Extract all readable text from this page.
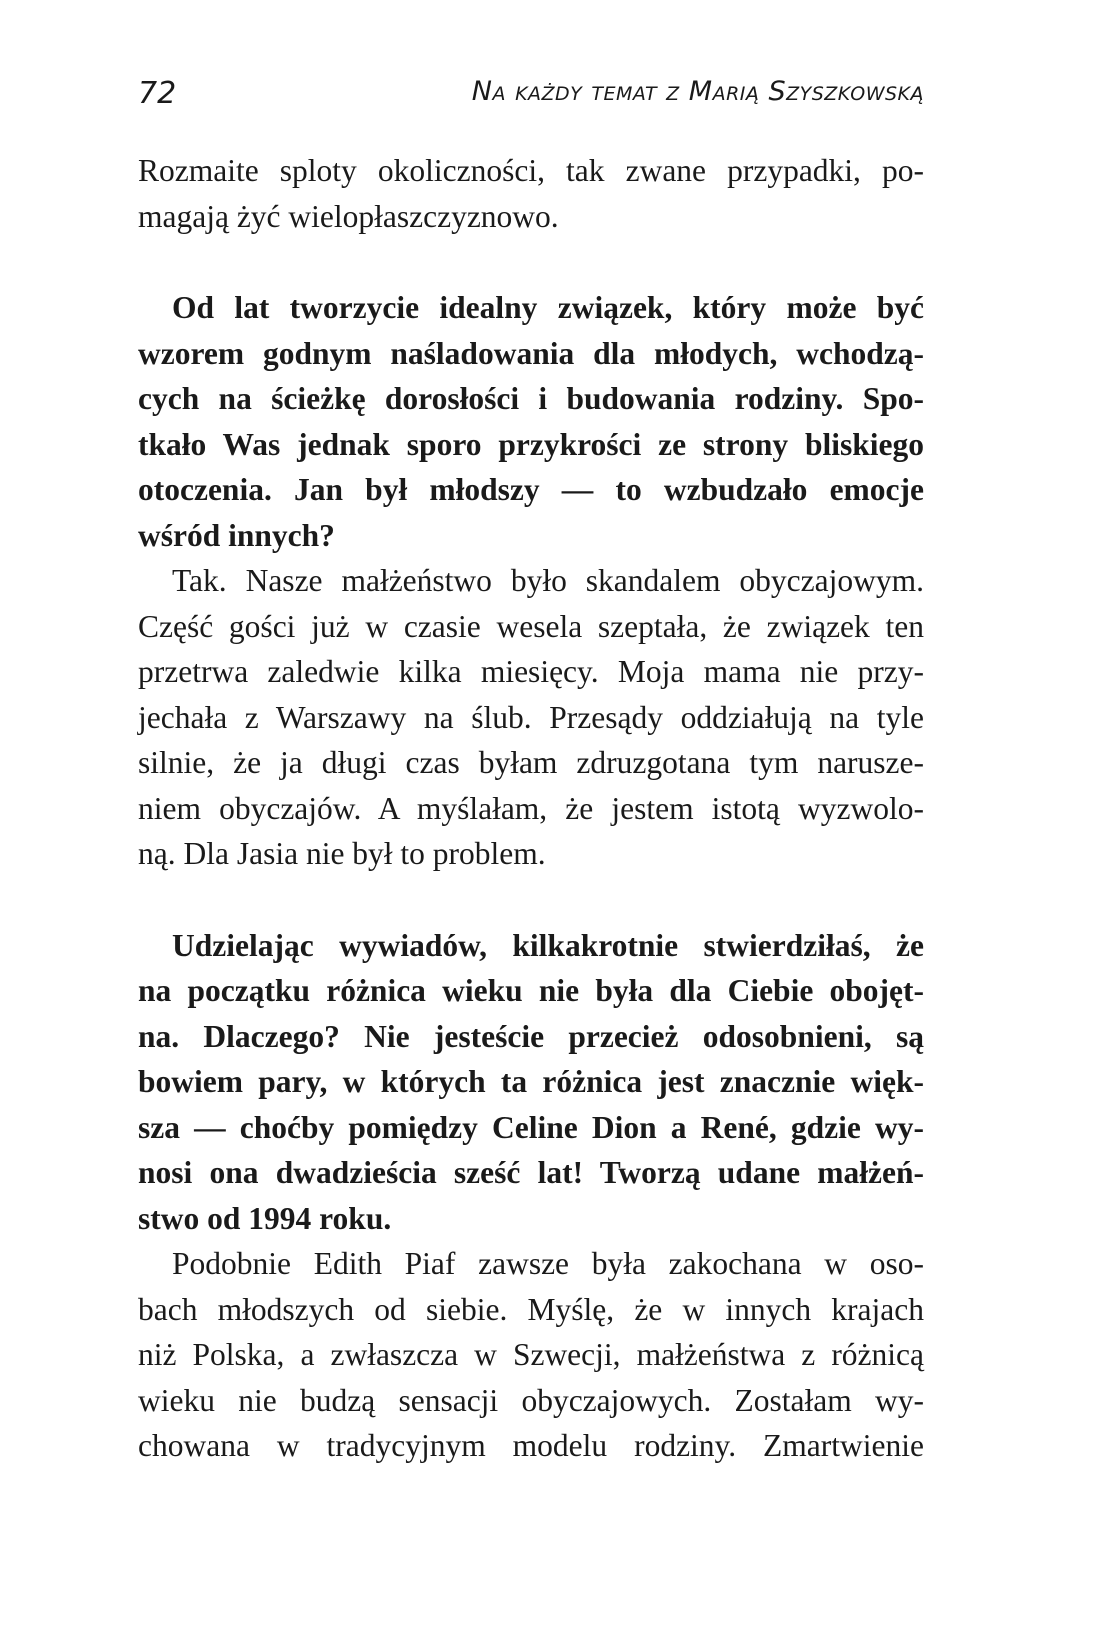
72	Na każdy temat z Marią Szyszkowską
Rozmaite sploty okoliczności, tak zwane przypadki, po-
magają żyć wielopłaszczyznowo.
Od lat tworzycie idealny związek, który może być
wzorem godnym naśladowania dla młodych, wchodzą-
cych na ścieżkę dorosłości i budowania rodziny. Spo-
tkało Was jednak sporo przykrości ze strony bliskiego
otoczenia. Jan był młodszy — to wzbudzało emocje
wśród innych?
Tak. Nasze małżeństwo było skandalem obyczajowym.
Część gości już w czasie wesela szeptała, że związek ten
przetrwa zaledwie kilka miesięcy. Moja mama nie przy-
jechała z Warszawy na ślub. Przesądy oddziałują na tyle
silnie, że ja długi czas byłam zdruzgotana tym narusze-
niem obyczajów. A myślałam, że jestem istotą wyzwolo-
ną. Dla Jasia nie był to problem.
Udzielając wywiadów, kilkakrotnie stwierdziłaś, że
na początku różnica wieku nie była dla Ciebie obojęt-
na. Dlaczego? Nie jesteście przecież odosobnieni, są
bowiem pary, w których ta różnica jest znacznie więk-
sza — choćby pomiędzy Celine Dion a René, gdzie wy-
nosi ona dwadzieścia sześć lat! Tworzą udane małżeń-
stwo od 1994 roku.
Podobnie Edith Piaf zawsze była zakochana w oso-
bach młodszych od siebie. Myślę, że w innych krajach
niż Polska, a zwłaszcza w Szwecji, małżeństwa z różnicą
wieku nie budzą sensacji obyczajowych. Zostałam wy-
chowana w tradycyjnym modelu rodziny. Zmartwienie
